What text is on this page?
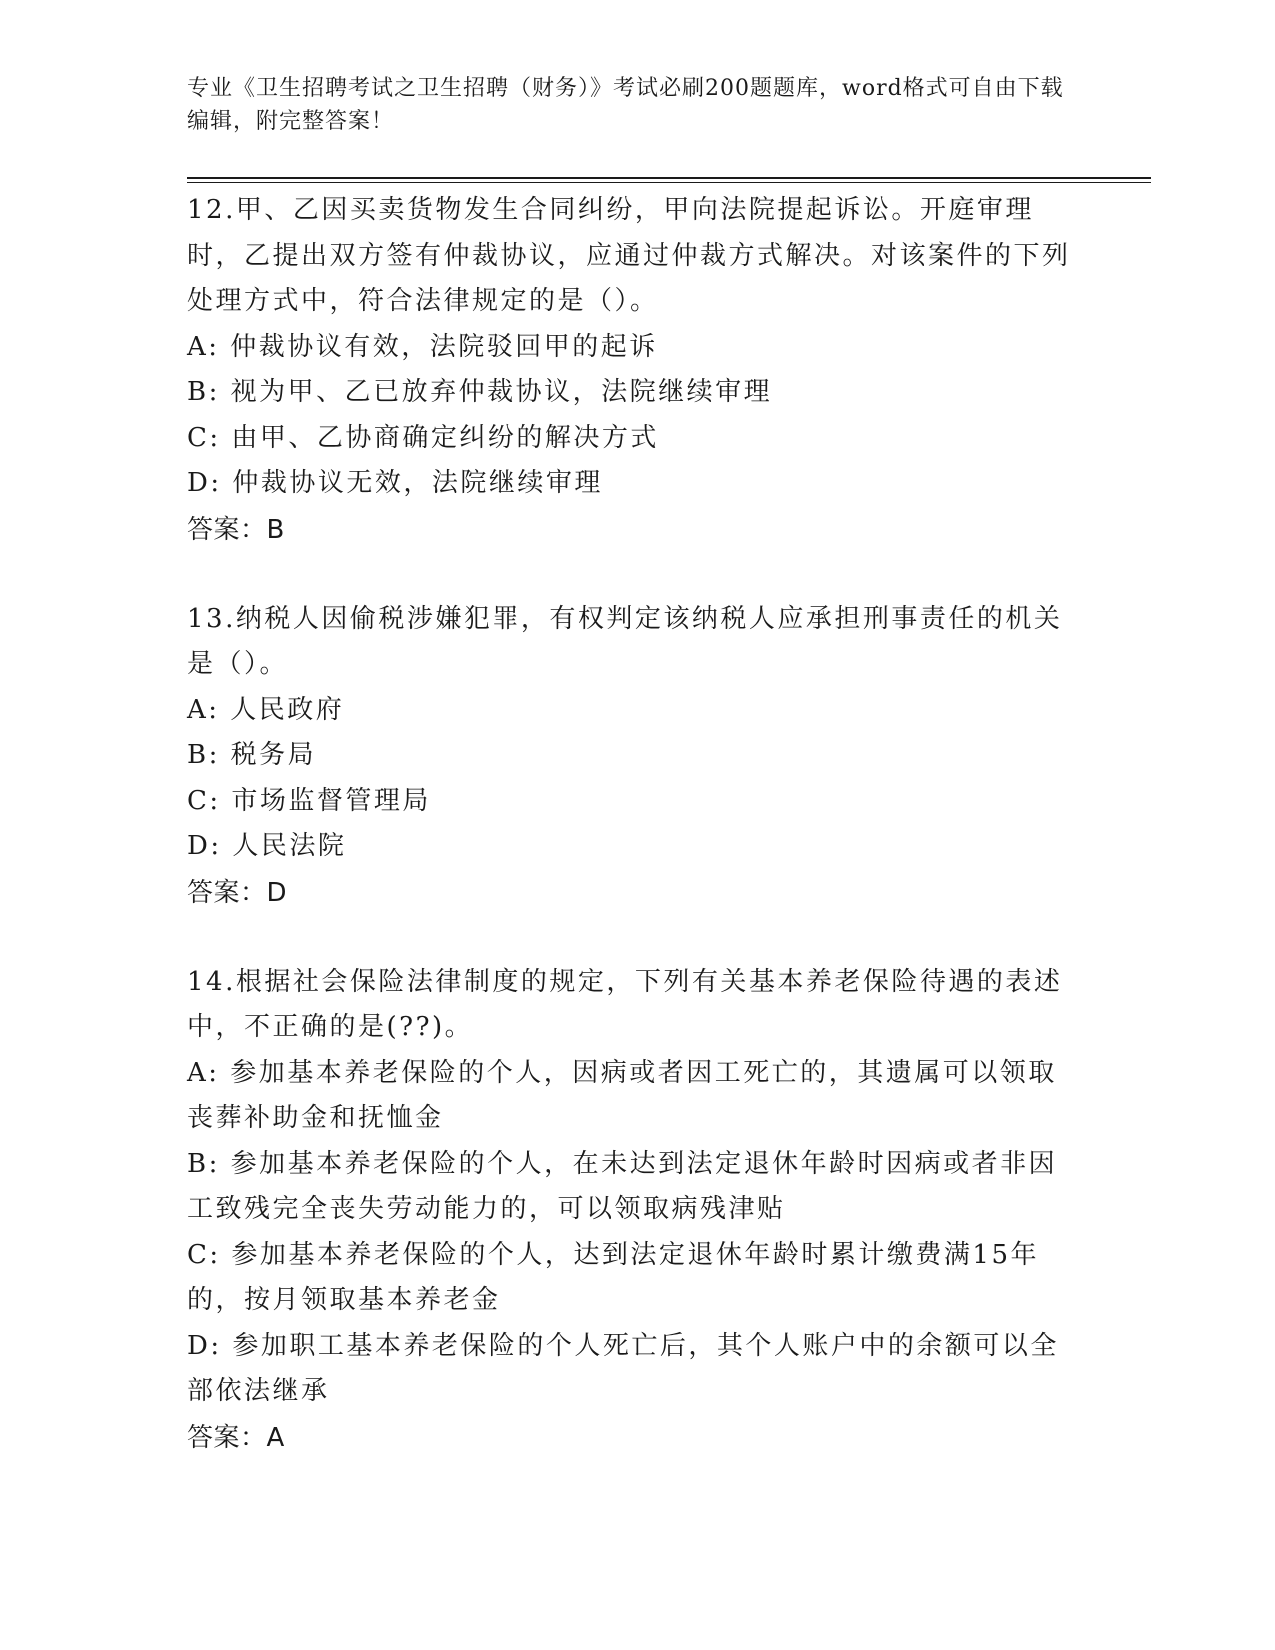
专业《卫生招聘考试之卫生招聘（财务）》考试必刷200题题库，word格式可自由下载编辑，附完整答案！

12.甲、乙因买卖货物发生合同纠纷，甲向法院提起诉讼。开庭审理时，乙提出双方签有仲裁协议，应通过仲裁方式解决。对该案件的下列处理方式中，符合法律规定的是（）。

A: 仲裁协议有效，法院驳回甲的起诉

B: 视为甲、乙已放弃仲裁协议，法院继续审理

C: 由甲、乙协商确定纠纷的解决方式

D: 仲裁协议无效，法院继续审理

答案：B

13.纳税人因偷税涉嫌犯罪，有权判定该纳税人应承担刑事责任的机关是（）。

A: 人民政府

B: 税务局

C: 市场监督管理局

D: 人民法院

答案：D

14.根据社会保险法律制度的规定，下列有关基本养老保险待遇的表述中，不正确的是(??)。

A: 参加基本养老保险的个人，因病或者因工死亡的，其遗属可以领取丧葬补助金和抚恤金

B: 参加基本养老保险的个人，在未达到法定退休年龄时因病或者非因工致残完全丧失劳动能力的，可以领取病残津贴

C: 参加基本养老保险的个人，达到法定退休年龄时累计缴费满15年的，按月领取基本养老金

D: 参加职工基本养老保险的个人死亡后，其个人账户中的余额可以全部依法继承

答案：A
